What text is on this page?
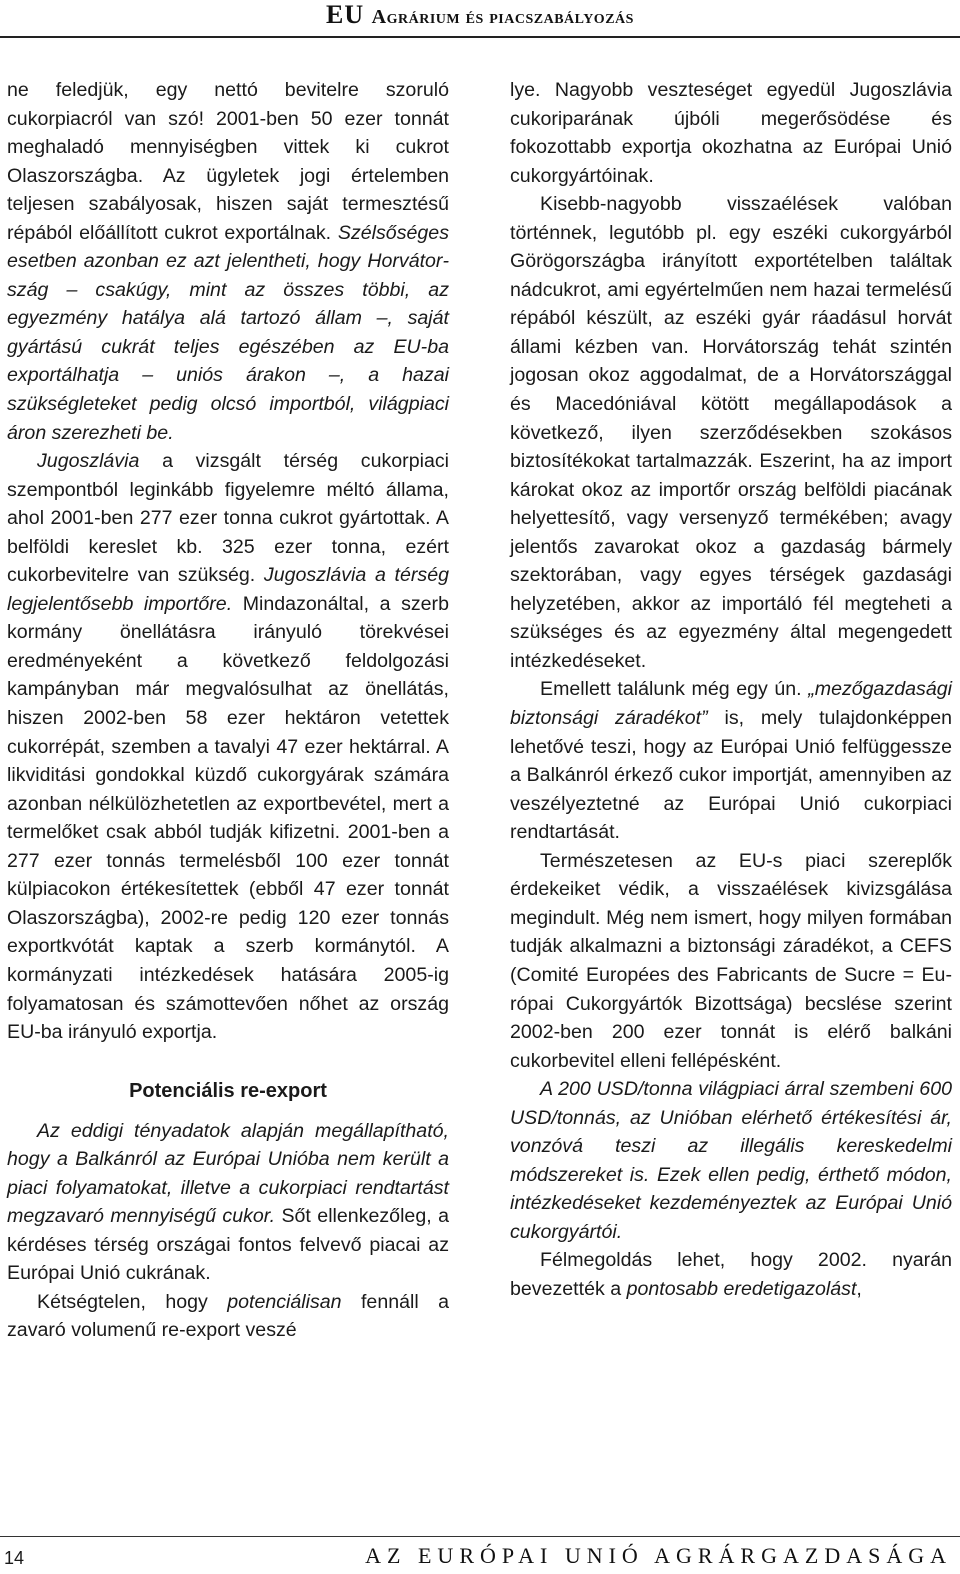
EU Agrárium és piacszabályozás

ne feledjük, egy nettó bevitelre szoruló cukorpiacról van szó! 2001-ben 50 ezer tonnát meghaladó mennyiségben vittek ki cukrot Olaszországba. Az ügyletek jogi értelemben teljesen szabályosak, hiszen saját termesztésű répából előállított cukrot exportálnak. Szélsőséges esetben azonban ez azt jelentheti, hogy Horvátország – csakúgy, mint az összes többi, az egyezmény hatálya alá tartozó állam –, saját gyártású cukrát teljes egészében az EU-ba exportálhatja – uniós árakon –, a hazai szükségleteket pedig olcsó importból, világpiaci áron szerezheti be.

Jugoszlávia a vizsgált térség cukorpiaci szempontból leginkább figyelemre méltó állama, ahol 2001-ben 277 ezer tonna cukrot gyártottak. A belföldi kereslet kb. 325 ezer tonna, ezért cukorbevitelre van szükség. Jugoszlávia a térség legjelentősebb importőre. Mindazonáltal, a szerb kormány önellátásra irányuló törekvései eredményeként a következő feldolgozási kampányban már megvalósulhat az önellátás, hiszen 2002-ben 58 ezer hektáron vetettek cukorrépát, szemben a tavalyi 47 ezer hektárral. A likviditási gondokkal küzdő cukorgyárak számára azonban nélkülözhetetlen az exportbevétel, mert a termelőket csak abból tudják kifizetni. 2001-ben a 277 ezer tonnás termelésből 100 ezer tonnát külpiacokon értékesítettek (ebből 47 ezer tonnát Olaszországba), 2002-re pedig 120 ezer tonnás exportkvótát kaptak a szerb kormánytól. A kormányzati intézkedések hatására 2005-ig folyamatosan és számottevően nőhet az ország EU-ba irányuló exportja.

Potenciális re-export

Az eddigi tényadatok alapján megállapítható, hogy a Balkánról az Európai Unióba nem került a piaci folyamatokat, illetve a cukorpiaci rendtartást megzavaró mennyiségű cukor. Sőt ellenkezőleg, a kérdéses térség országai fontos felvevő piacai az Európai Unió cukrának.

Kétségtelen, hogy potenciálisan fennáll a zavaró volumenű re-export veszé

lye. Nagyobb veszteséget egyedül Jugoszlávia cukoriparának újbóli megerősödése és fokozottabb exportja okozhatna az Európai Unió cukorgyártóinak.

Kisebb-nagyobb visszaélések valóban történnek, legutóbb pl. egy eszéki cukorgyárból Görögországba irányított exportételben találtak nádcukrot, ami egyértelműen nem hazai termelésű répából készült, az eszéki gyár ráadásul horvát állami kézben van. Horvátország tehát szintén jogosan okoz aggodalmat, de a Horvátországgal és Macedóniával kötött megállapodások a következő, ilyen szerződésekben szokásos biztosítékokat tartalmazzák. Eszerint, ha az import károkat okoz az importőr ország belföldi piacának helyettesítő, vagy versenyző termékében; avagy jelentős zavarokat okoz a gazdaság bármely szektorában, vagy egyes térségek gazdasági helyzetében, akkor az importáló fél megteheti a szükséges és az egyezmény által megengedett intézkedéseket.

Emellett találunk még egy ún. „mezőgazdasági biztonsági záradékot” is, mely tulajdonképpen lehetővé teszi, hogy az Európai Unió felfüggessze a Balkánról érkező cukor importját, amennyiben az veszélyeztetné az Európai Unió cukorpiaci rendtartását.

Természetesen az EU-s piaci szereplők érdekeiket védik, a visszaélések kivizsgálása megindult. Még nem ismert, hogy milyen formában tudják alkalmazni a biztonsági záradékot, a CEFS (Comité Europées des Fabricants de Sucre = Európai Cukorgyártók Bizottsága) becslése szerint 2002-ben 200 ezer tonnát is elérő balkáni cukorbevitel elleni fellépésként.

A 200 USD/tonna világpiaci árral szembeni 600 USD/tonnás, az Unióban elérhető értékesítési ár, vonzóvá teszi az illegális kereskedelmi módszereket is. Ezek ellen pedig, érthető módon, intézkedéseket kezdeményeztek az Európai Unió cukorgyártói.

Félmegoldás lehet, hogy 2002. nyarán bevezették a pontosabb eredetigazolást,

14	AZ EURÓPAI UNIÓ AGRÁRGAZDASÁGA
